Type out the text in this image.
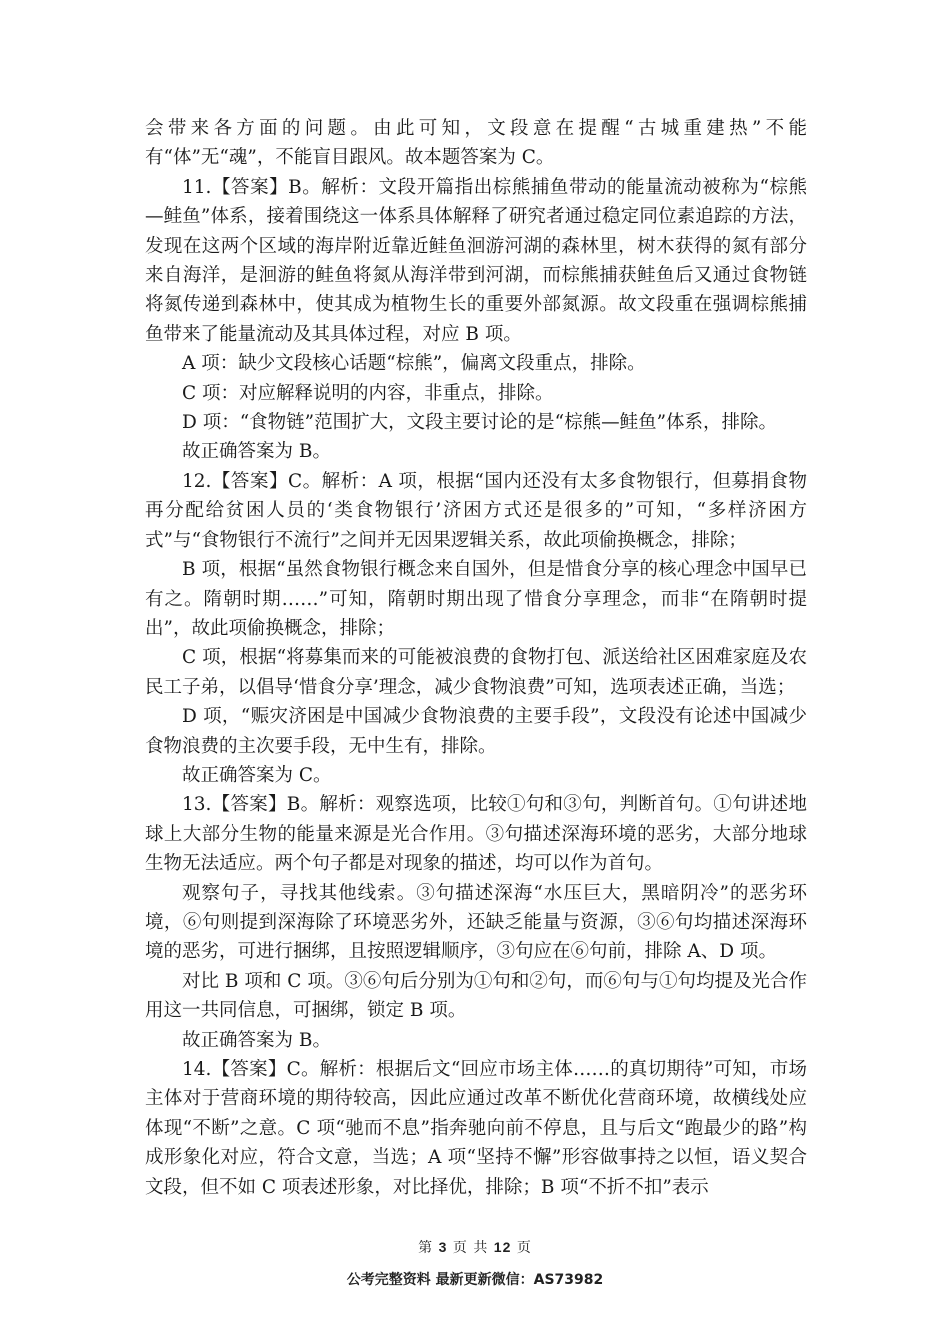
会带来各方面的问题。由此可知，文段意在提醒“古城重建热”不能有“体”无“魂”，不能盲目跟风。故本题答案为 C。

11.【答案】B。解析：文段开篇指出棕熊捕鱼带动的能量流动被称为“棕熊—鲑鱼”体系，接着围绕这一体系具体解释了研究者通过稳定同位素追踪的方法，发现在这两个区域的海岸附近靠近鲑鱼洄游河湖的森林里，树木获得的氮有部分来自海洋，是洄游的鲑鱼将氮从海洋带到河湖，而棕熊捕获鲑鱼后又通过食物链将氮传递到森林中，使其成为植物生长的重要外部氮源。故文段重在强调棕熊捕鱼带来了能量流动及其具体过程，对应 B 项。

A 项：缺少文段核心话题“棕熊”，偏离文段重点，排除。

C 项：对应解释说明的内容，非重点，排除。

D 项：“食物链”范围扩大，文段主要讨论的是“棕熊—鲑鱼”体系，排除。

故正确答案为 B。

12.【答案】C。解析：A 项，根据“国内还没有太多食物银行，但募捐食物再分配给贫困人员的‘类食物银行’济困方式还是很多的”可知，“多样济困方式”与“食物银行不流行”之间并无因果逻辑关系，故此项偷换概念，排除；

B 项，根据“虽然食物银行概念来自国外，但是惜食分享的核心理念中国早已有之。隋朝时期……”可知，隋朝时期出现了惜食分享理念，而非“在隋朝时提出”，故此项偷换概念，排除；

C 项，根据“将募集而来的可能被浪费的食物打包、派送给社区困难家庭及农民工子弟，以倡导‘惜食分享’理念，减少食物浪费”可知，选项表述正确，当选；

D 项，“赈灾济困是中国减少食物浪费的主要手段”，文段没有论述中国减少食物浪费的主次要手段，无中生有，排除。

故正确答案为 C。

13.【答案】B。解析：观察选项，比较①句和③句，判断首句。①句讲述地球上大部分生物的能量来源是光合作用。③句描述深海环境的恶劣，大部分地球生物无法适应。两个句子都是对现象的描述，均可以作为首句。

观察句子，寻找其他线索。③句描述深海“水压巨大，黑暗阴冷”的恶劣环境，⑥句则提到深海除了环境恶劣外，还缺乏能量与资源，③⑥句均描述深海环境的恶劣，可进行捆绑，且按照逻辑顺序，③句应在⑥句前，排除 A、D 项。

对比 B 项和 C 项。③⑥句后分别为①句和②句，而⑥句与①句均提及光合作用这一共同信息，可捆绑，锁定 B 项。

故正确答案为 B。

14.【答案】C。解析：根据后文“回应市场主体……的真切期待”可知，市场主体对于营商环境的期待较高，因此应通过改革不断优化营商环境，故横线处应体现“不断”之意。C 项“驰而不息”指奔驰向前不停息，且与后文“跑最少的路”构成形象化对应，符合文意，当选；A 项“坚持不懈”形容做事持之以恒，语义契合文段，但不如 C 项表述形象，对比择优，排除；B 项“不折不扣”表示

第 3 页 共 12 页
公考完整资料 最新更新微信：AS73982
